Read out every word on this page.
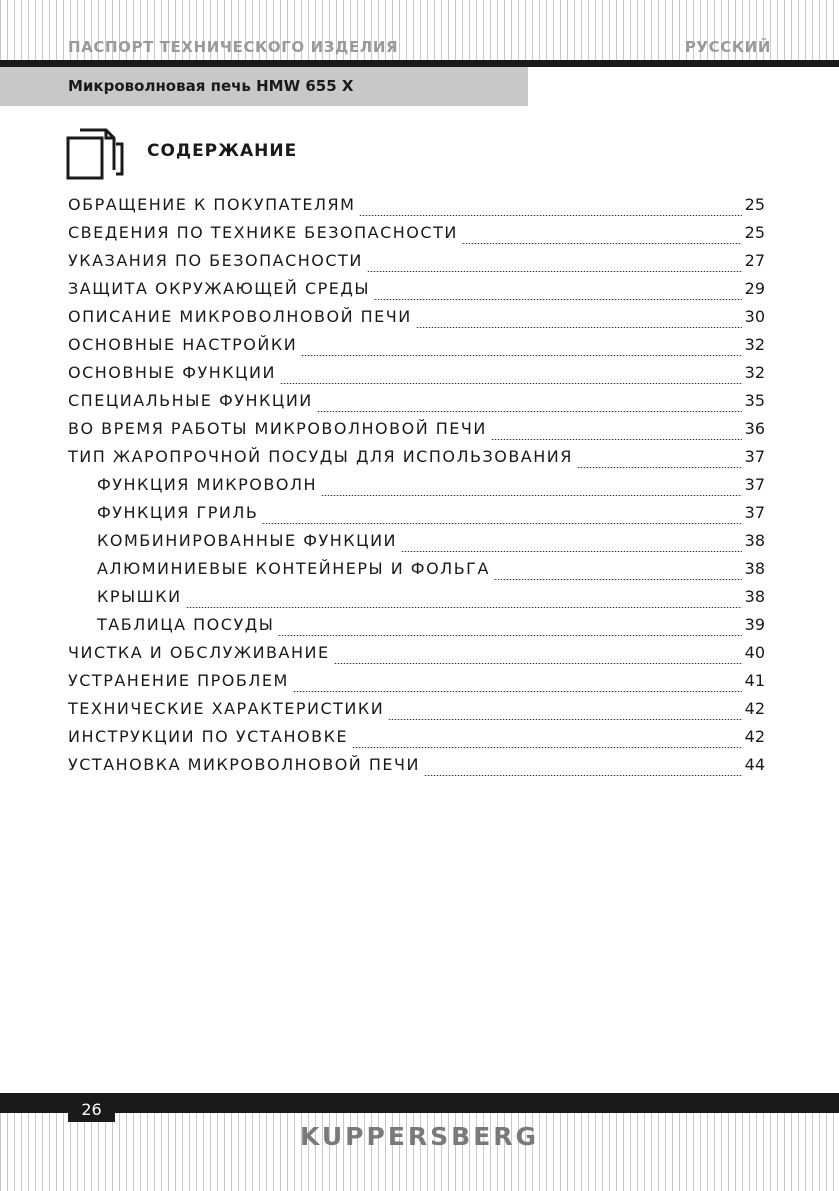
ПАСПОРТ ТЕХНИЧЕСКОГО ИЗДЕЛИЯ	РУССКИЙ
Микроволновая печь HMW 655 X
СОДЕРЖАНИЕ
ОБРАЩЕНИЕ К ПОКУПАТЕЛЯМ	25
СВЕДЕНИЯ ПО ТЕХНИКЕ БЕЗОПАСНОСТИ	25
УКАЗАНИЯ ПО БЕЗОПАСНОСТИ	27
ЗАЩИТА ОКРУЖАЮЩЕЙ СРЕДЫ	29
ОПИСАНИЕ МИКРОВОЛНОВОЙ ПЕЧИ	30
ОСНОВНЫЕ НАСТРОЙКИ	32
ОСНОВНЫЕ ФУНКЦИИ	32
СПЕЦИАЛЬНЫЕ ФУНКЦИИ	35
ВО ВРЕМЯ РАБОТЫ МИКРОВОЛНОВОЙ ПЕЧИ	36
ТИП ЖАРОПРОЧНОЙ ПОСУДЫ ДЛЯ ИСПОЛЬЗОВАНИЯ	37
ФУНКЦИЯ МИКРОВОЛН	37
ФУНКЦИЯ ГРИЛЬ	37
КОМБИНИРОВАННЫЕ ФУНКЦИИ	38
АЛЮМИНИЕВЫЕ КОНТЕЙНЕРЫ И ФОЛЬГА	38
КРЫШКИ	38
ТАБЛИЦА ПОСУДЫ	39
ЧИСТКА И ОБСЛУЖИВАНИЕ	40
УСТРАНЕНИЕ ПРОБЛЕМ	41
ТЕХНИЧЕСКИЕ ХАРАКТЕРИСТИКИ	42
ИНСТРУКЦИИ ПО УСТАНОВКЕ	42
УСТАНОВКА МИКРОВОЛНОВОЙ ПЕЧИ	44
26
KUPPERSBERG
